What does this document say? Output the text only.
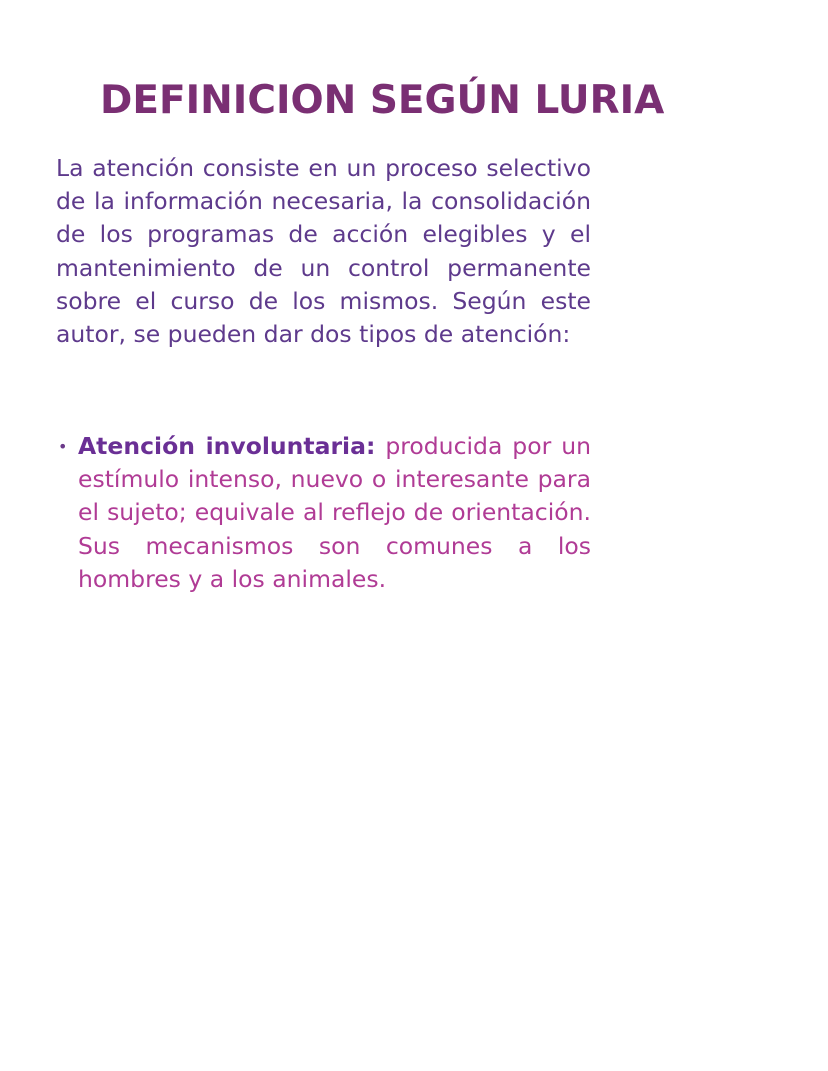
DEFINICION SEGÚN LURIA

La atención consiste en un proceso selectivo de la información necesaria, la consolidación de los programas de acción elegibles y el mantenimiento de un control permanente sobre el curso de los mismos. Según este autor, se pueden dar dos tipos de atención:

• Atención involuntaria: producida por un estímulo intenso, nuevo o interesante para el sujeto; equivale al reflejo de orientación. Sus mecanismos son comunes a los hombres y a los animales.
